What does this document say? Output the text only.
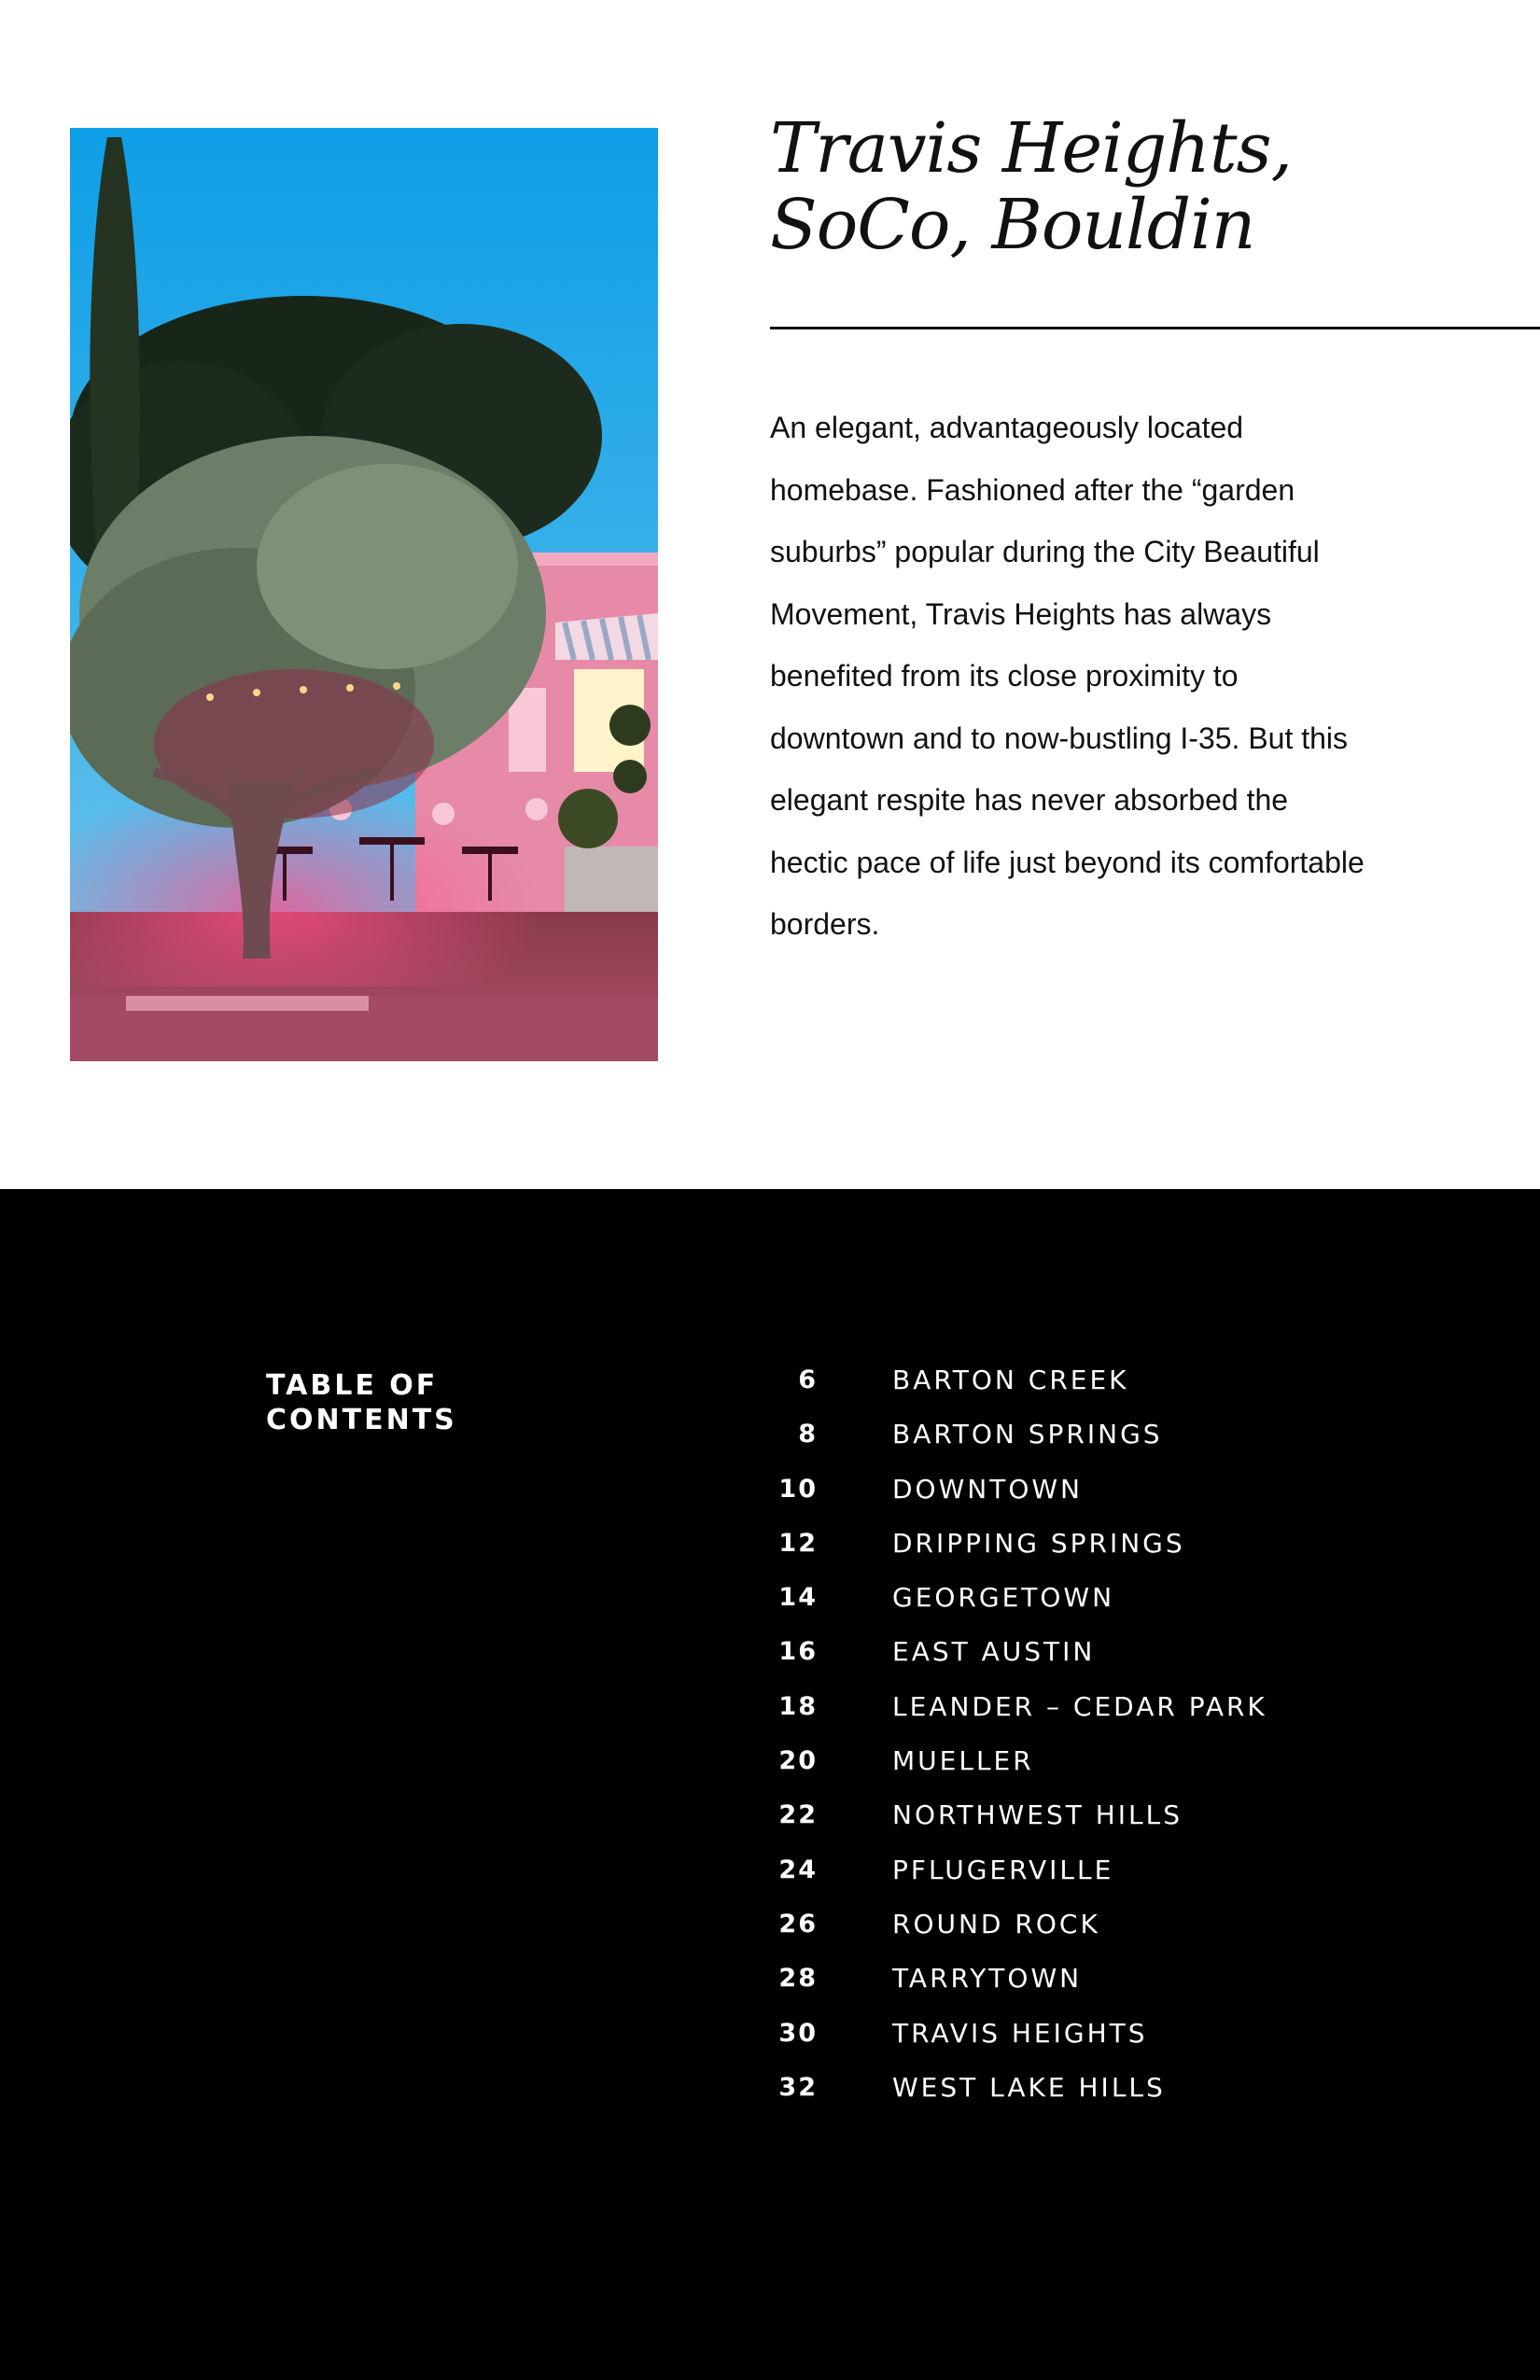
Travis Heights,
SoCo, Bouldin

An elegant, advantageously located homebase. Fashioned after the “garden suburbs” popular during the City Beautiful Movement, Travis Heights has always benefited from its close proximity to downtown and to now-bustling I-35. But this elegant respite has never absorbed the hectic pace of life just beyond its comfortable borders.

TABLE OF
CONTENTS
6	BARTON CREEK
8	BARTON SPRINGS
10	DOWNTOWN
12	DRIPPING SPRINGS
14	GEORGETOWN
16	EAST AUSTIN
18	LEANDER – CEDAR PARK
20	MUELLER
22	NORTHWEST HILLS
24	PFLUGERVILLE
26	ROUND ROCK
28	TARRYTOWN
30	TRAVIS HEIGHTS
32	WEST LAKE HILLS
